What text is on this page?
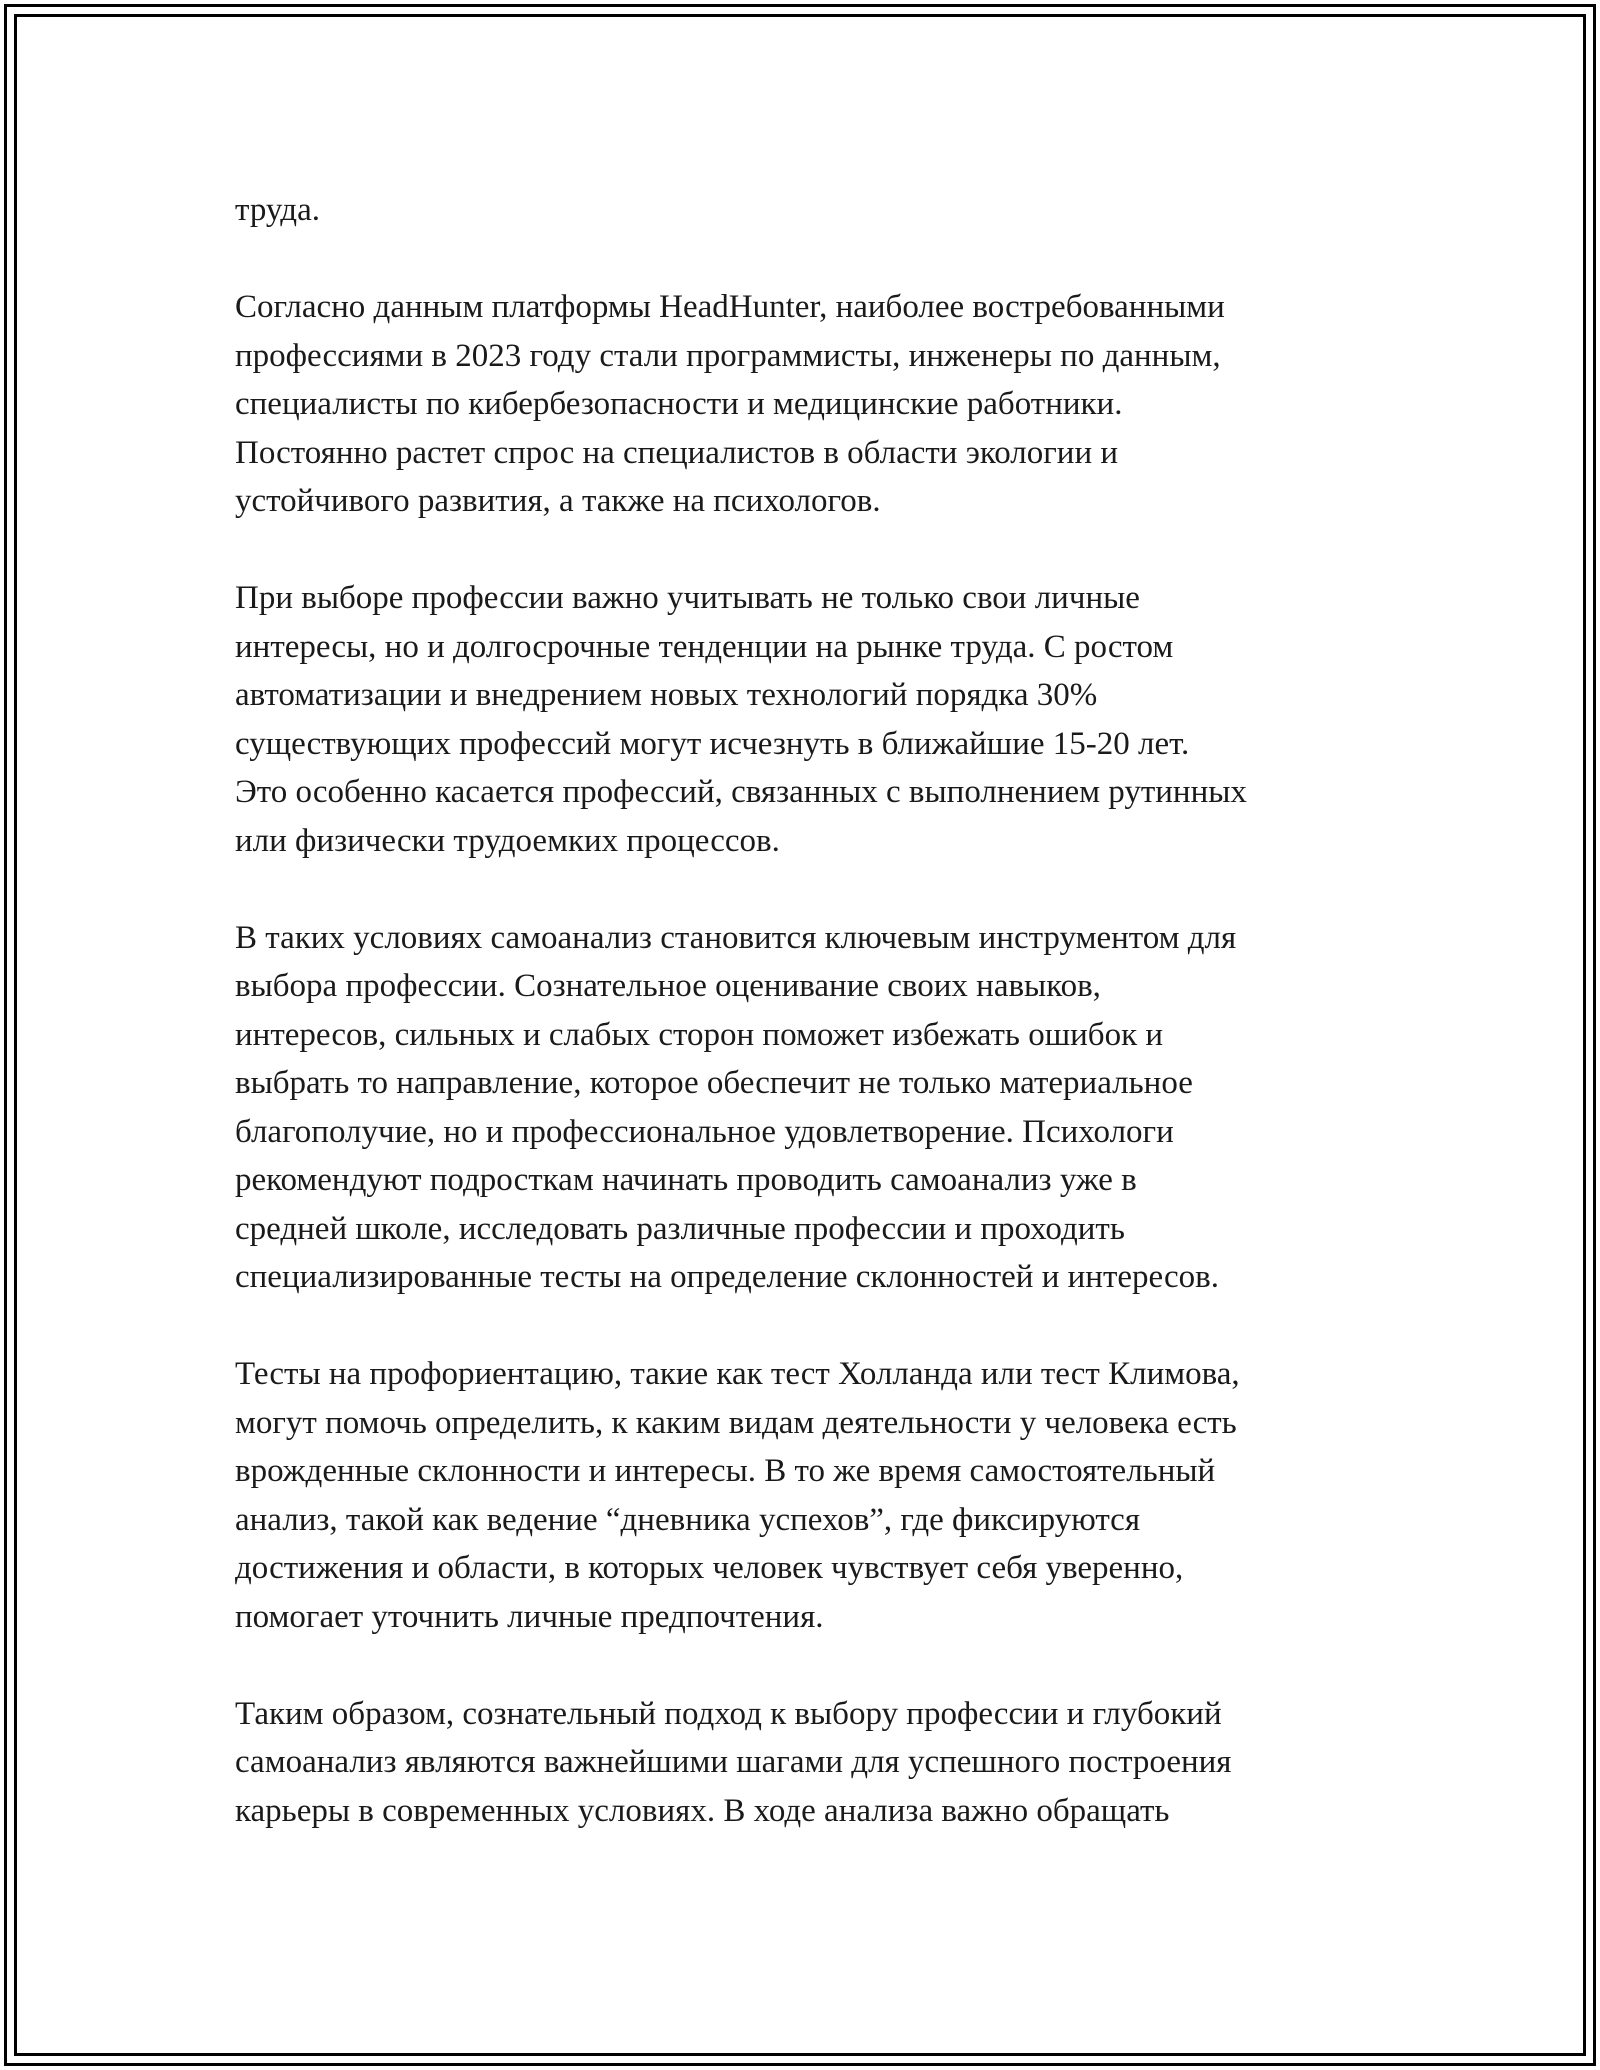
труда.

Согласно данным платформы HeadHunter, наиболее востребованными
профессиями в 2023 году стали программисты, инженеры по данным,
специалисты по кибербезопасности и медицинские работники.
Постоянно растет спрос на специалистов в области экологии и
устойчивого развития, а также на психологов.

При выборе профессии важно учитывать не только свои личные
интересы, но и долгосрочные тенденции на рынке труда. С ростом
автоматизации и внедрением новых технологий порядка 30%
существующих профессий могут исчезнуть в ближайшие 15-20 лет.
Это особенно касается профессий, связанных с выполнением рутинных
или физически трудоемких процессов.

В таких условиях самоанализ становится ключевым инструментом для
выбора профессии. Сознательное оценивание своих навыков,
интересов, сильных и слабых сторон поможет избежать ошибок и
выбрать то направление, которое обеспечит не только материальное
благополучие, но и профессиональное удовлетворение. Психологи
рекомендуют подросткам начинать проводить самоанализ уже в
средней школе, исследовать различные профессии и проходить
специализированные тесты на определение склонностей и интересов.

Тесты на профориентацию, такие как тест Холланда или тест Климова,
могут помочь определить, к каким видам деятельности у человека есть
врожденные склонности и интересы. В то же время самостоятельный
анализ, такой как ведение “дневника успехов”, где фиксируются
достижения и области, в которых человек чувствует себя уверенно,
помогает уточнить личные предпочтения.

Таким образом, сознательный подход к выбору профессии и глубокий
самоанализ являются важнейшими шагами для успешного построения
карьеры в современных условиях. В ходе анализа важно обращать
